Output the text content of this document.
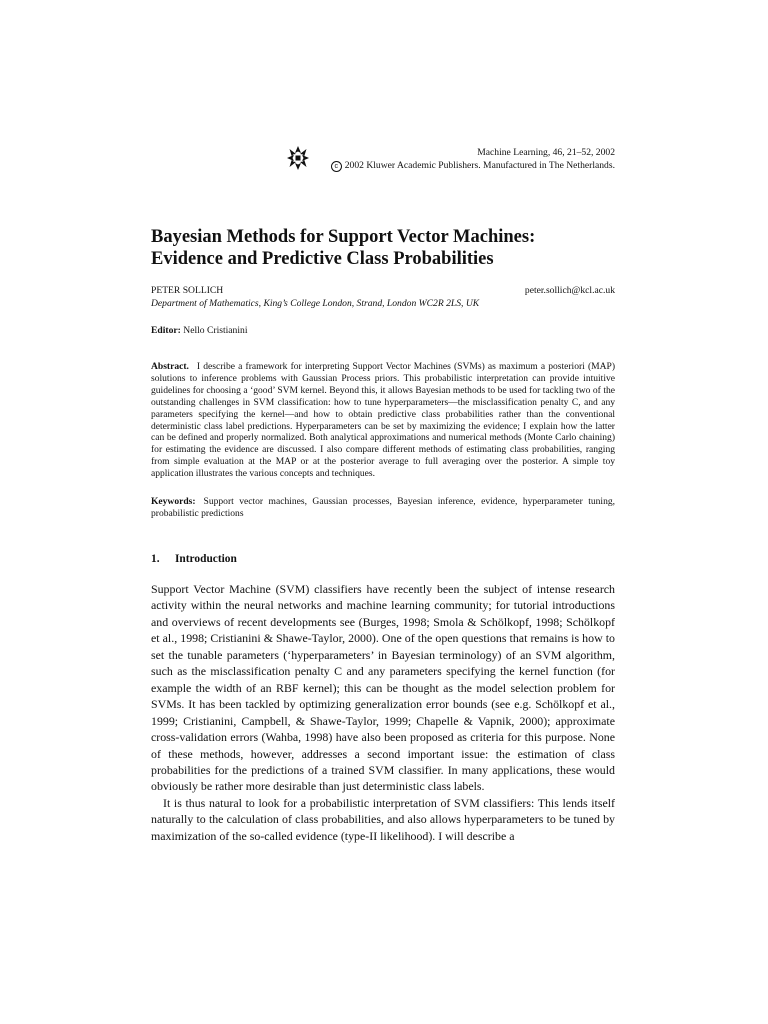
Machine Learning, 46, 21–52, 2002
c 2002 Kluwer Academic Publishers. Manufactured in The Netherlands.
Bayesian Methods for Support Vector Machines:
Evidence and Predictive Class Probabilities
PETER SOLLICH	peter.sollich@kcl.ac.uk
Department of Mathematics, King’s College London, Strand, London WC2R 2LS, UK
Editor: Nello Cristianini
Abstract. I describe a framework for interpreting Support Vector Machines (SVMs) as maximum a posteriori (MAP) solutions to inference problems with Gaussian Process priors. This probabilistic interpretation can provide intuitive guidelines for choosing a ‘good’ SVM kernel. Beyond this, it allows Bayesian methods to be used for tackling two of the outstanding challenges in SVM classification: how to tune hyperparameters—the misclassification penalty C, and any parameters specifying the kernel—and how to obtain predictive class probabilities rather than the conventional deterministic class label predictions. Hyperparameters can be set by maximizing the evidence; I explain how the latter can be defined and properly normalized. Both analytical approximations and numerical methods (Monte Carlo chaining) for estimating the evidence are discussed. I also compare different methods of estimating class probabilities, ranging from simple evaluation at the MAP or at the posterior average to full averaging over the posterior. A simple toy application illustrates the various concepts and techniques.
Keywords: Support vector machines, Gaussian processes, Bayesian inference, evidence, hyperparameter tuning, probabilistic predictions
1. Introduction

Support Vector Machine (SVM) classifiers have recently been the subject of intense research activity within the neural networks and machine learning community; for tutorial introductions and overviews of recent developments see (Burges, 1998; Smola & Schölkopf, 1998; Schölkopf et al., 1998; Cristianini & Shawe-Taylor, 2000). One of the open questions that remains is how to set the tunable parameters (‘hyperparameters’ in Bayesian terminology) of an SVM algorithm, such as the misclassification penalty C and any parameters specifying the kernel function (for example the width of an RBF kernel); this can be thought as the model selection problem for SVMs. It has been tackled by optimizing generalization error bounds (see e.g. Schölkopf et al., 1999; Cristianini, Campbell, & Shawe-Taylor, 1999; Chapelle & Vapnik, 2000); approximate cross-validation errors (Wahba, 1998) have also been proposed as criteria for this purpose. None of these methods, however, addresses a second important issue: the estimation of class probabilities for the predictions of a trained SVM classifier. In many applications, these would obviously be rather more desirable than just deterministic class labels.

It is thus natural to look for a probabilistic interpretation of SVM classifiers: This lends itself naturally to the calculation of class probabilities, and also allows hyperparameters to be tuned by maximization of the so-called evidence (type-II likelihood). I will describe a
